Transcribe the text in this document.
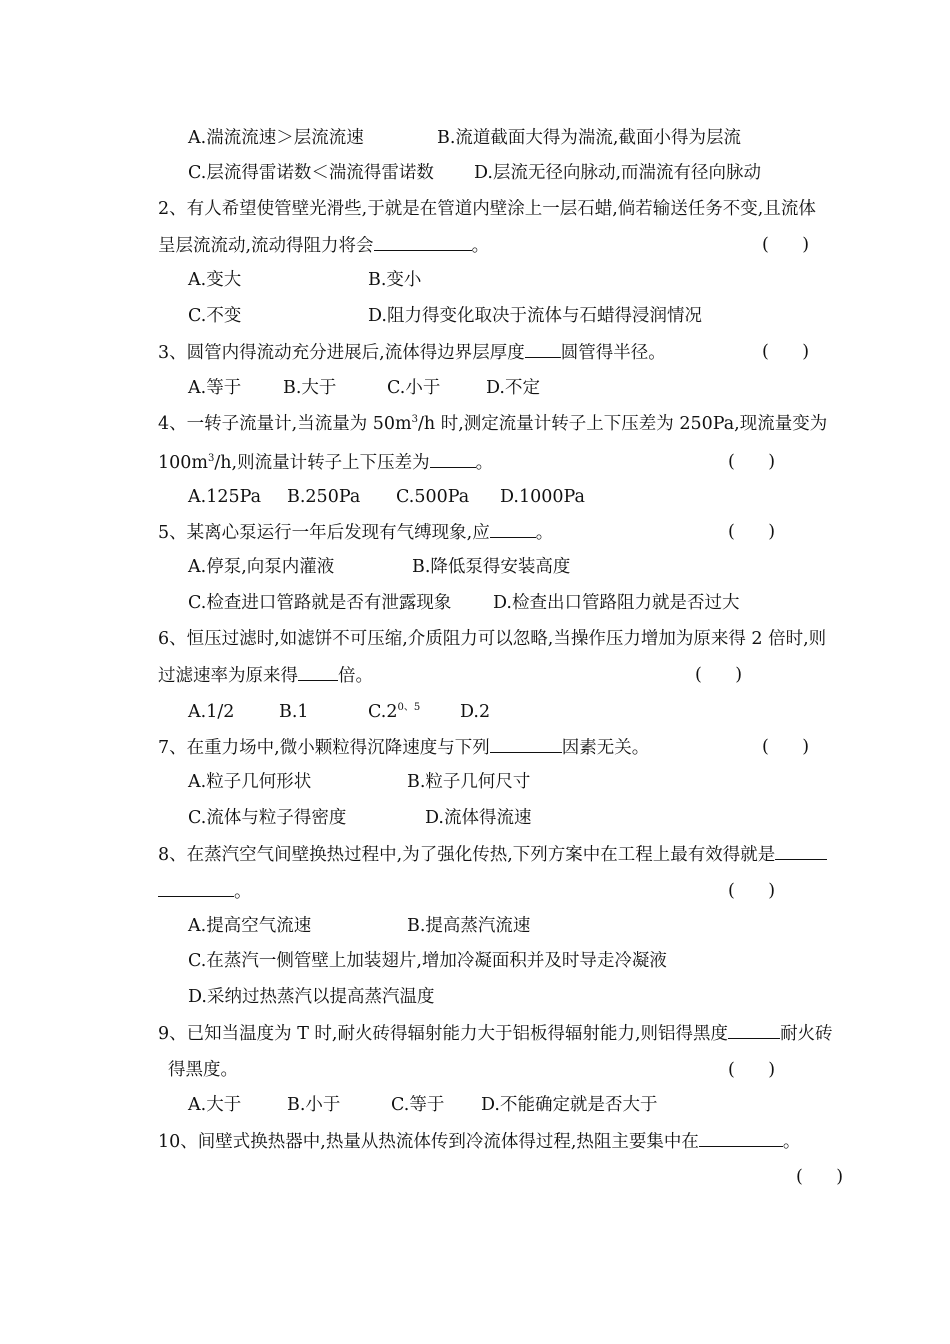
A.湍流流速＞层流流速	B.流道截面大得为湍流,截面小得为层流
C.层流得雷诺数＜湍流得雷诺数 D.层流无径向脉动,而湍流有径向脉动
2、有人希望使管壁光滑些,于就是在管道内壁涂上一层石蜡,倘若输送任务不变,且流体
呈层流流动,流动得阻力将会	。	(      )
A.变大	B.变小
C.不变	D.阻力得变化取决于流体与石蜡得浸润情况
3、圆管内得流动充分进展后,流体得边界层厚度 圆管得半径。	(      )
A.等于 B.大于	C.小于	D.不定
4、一转子流量计,当流量为 $50m^3/h$ 时,测定流量计转子上下压差为 250Pa,现流量变为
$100m^3/h$,则流量计转子上下压差为	。	(      )
A.125Pa B.250Pa C.500Pa D.1000Pa
5、某离心泵运行一年后发现有气缚现象,应	。	(      )
A.停泵,向泵内灌液	B.降低泵得安装高度
C.检查进口管路就是否有泄露现象 D.检查出口管路阻力就是否过大
6、恒压过滤时,如滤饼不可压缩,介质阻力可以忽略,当操作压力增加为原来得 2 倍时,则
过滤速率为原来得 倍。	(      )
A.1/2	B.1	$C.2^{0、5}$ D.2
7、在重力场中,微小颗粒得沉降速度与下列	因素无关。	(      )
A.粒子几何形状	B.粒子几何尺寸
C.流体与粒子得密度	D.流体得流速
8、在蒸汽空气间壁换热过程中,为了强化传热,下列方案中在工程上最有效得就是
。	(      )
A.提高空气流速	B.提高蒸汽流速
C.在蒸汽一侧管壁上加装翅片,增加冷凝面积并及时导走冷凝液
D.采纳过热蒸汽以提高蒸汽温度
9、已知当温度为 T 时,耐火砖得辐射能力大于铝板得辐射能力,则铝得黑度	耐火砖
得黑度。	(      )
A.大于	B.小于	C.等于 D.不能确定就是否大于
10、间壁式换热器中,热量从热流体传到冷流体得过程,热阻主要集中在	。
(      )
